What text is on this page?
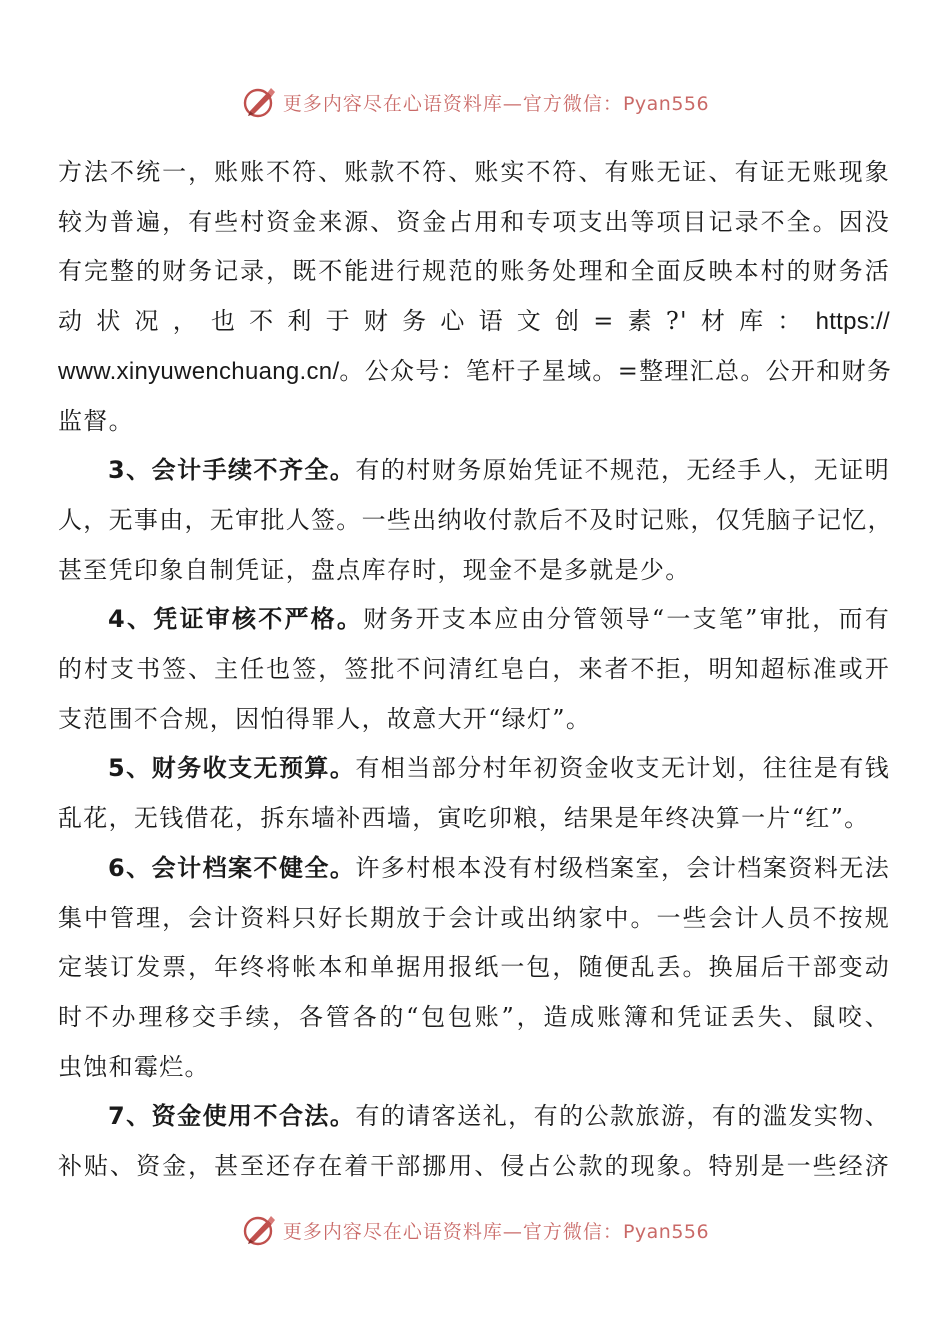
更多内容尽在心语资料库—官方微信：Pyan556

方法不统一，账账不符、账款不符、账实不符、有账无证、有证无账现象
较为普遍，有些村资金来源、资金占用和专项支出等项目记录不全。因没
有完整的财务记录，既不能进行规范的账务处理和全面反映本村的财务活
动状况，也不利于财务心语文创=素?'材库：https://
www.xinyuwenchuang.cn/。公众号：笔杆子星域。=整理汇总。公开和财务
监督。

3、会计手续不齐全。有的村财务原始凭证不规范，无经手人，无证明
人，无事由，无审批人签。一些出纳收付款后不及时记账，仅凭脑子记忆，
甚至凭印象自制凭证，盘点库存时，现金不是多就是少。

4、凭证审核不严格。财务开支本应由分管领导“一支笔”审批，而有
的村支书签、主任也签，签批不问清红皂白，来者不拒，明知超标准或开
支范围不合规，因怕得罪人，故意大开“绿灯”。

5、财务收支无预算。有相当部分村年初资金收支无计划，往往是有钱
乱花，无钱借花，拆东墙补西墙，寅吃卯粮，结果是年终决算一片“红”。

6、会计档案不健全。许多村根本没有村级档案室，会计档案资料无法
集中管理，会计资料只好长期放于会计或出纳家中。一些会计人员不按规
定装订发票，年终将帐本和单据用报纸一包，随便乱丢。换届后干部变动
时不办理移交手续，各管各的“包包账”，造成账簿和凭证丢失、鼠咬、
虫蚀和霉烂。

7、资金使用不合法。有的请客送礼，有的公款旅游，有的滥发实物、
补贴、资金，甚至还存在着干部挪用、侵占公款的现象。特别是一些经济

更多内容尽在心语资料库—官方微信：Pyan556
